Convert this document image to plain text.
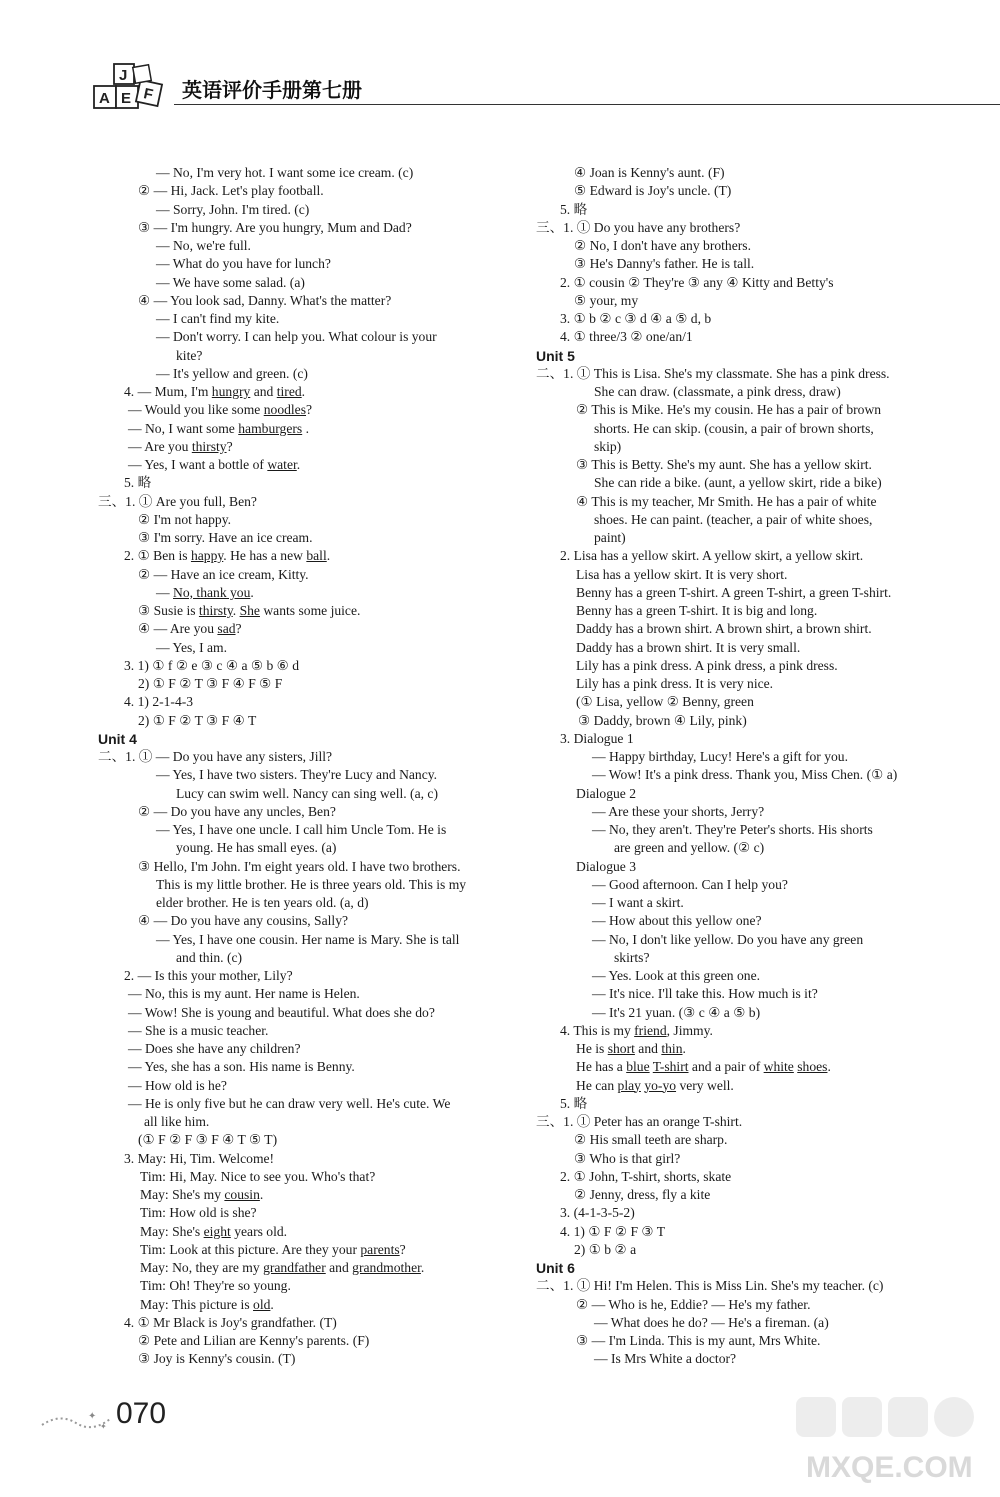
J
A E F 英语评价手册第七册
— No, I'm very hot. I want some ice cream. (c)
② — Hi, Jack. Let's play football.
— Sorry, John. I'm tired. (c)
③ — I'm hungry. Are you hungry, Mum and Dad?
— No, we're full.
— What do you have for lunch?
— We have some salad. (a)
④ — You look sad, Danny. What's the matter?
— I can't find my kite.
— Don't worry. I can help you. What colour is your
kite?
— It's yellow and green. (c)
4. — Mum, I'm hungry and tired.
— Would you like some noodles?
— No, I want some hamburgers .
— Are you thirsty?
— Yes, I want a bottle of water.
5. 略
三、1. ① Are you full, Ben?
② I'm not happy.
③ I'm sorry. Have an ice cream.
2. ① Ben is happy. He has a new ball.
② — Have an ice cream, Kitty.
— No, thank you.
③ Susie is thirsty. She wants some juice.
④ — Are you sad?
— Yes, I am.
3. 1) ① f ② e ③ c ④ a ⑤ b ⑥ d
2) ① F ② T ③ F ④ F ⑤ F
4. 1) 2-1-4-3
2) ① F ② T ③ F ④ T
Unit 4
二、1. ① — Do you have any sisters, Jill?
— Yes, I have two sisters. They're Lucy and Nancy.
Lucy can swim well. Nancy can sing well. (a, c)
② — Do you have any uncles, Ben?
— Yes, I have one uncle. I call him Uncle Tom. He is
young. He has small eyes. (a)
③ Hello, I'm John. I'm eight years old. I have two brothers.
This is my little brother. He is three years old. This is my
elder brother. He is ten years old. (a, d)
④ — Do you have any cousins, Sally?
— Yes, I have one cousin. Her name is Mary. She is tall
and thin. (c)
2. — Is this your mother, Lily?
— No, this is my aunt. Her name is Helen.
— Wow! She is young and beautiful. What does she do?
— She is a music teacher.
— Does she have any children?
— Yes, she has a son. His name is Benny.
— How old is he?
— He is only five but he can draw very well. He's cute. We
all like him.
(① F ② F ③ F ④ T ⑤ T)
3. May: Hi, Tim. Welcome!
Tim: Hi, May. Nice to see you. Who's that?
May: She's my cousin.
Tim: How old is she?
May: She's eight years old.
Tim: Look at this picture. Are they your parents?
May: No, they are my grandfather and grandmother.
Tim: Oh! They're so young.
May: This picture is old.
4. ① Mr Black is Joy's grandfather. (T)
② Pete and Lilian are Kenny's parents. (F)
③ Joy is Kenny's cousin. (T)
④ Joan is Kenny's aunt. (F)
⑤ Edward is Joy's uncle. (T)
5. 略
三、1. ① Do you have any brothers?
② No, I don't have any brothers.
③ He's Danny's father. He is tall.
2. ① cousin ② They're ③ any ④ Kitty and Betty's
⑤ your, my
3. ① b ② c ③ d ④ a ⑤ d, b
4. ① three/3 ② one/an/1
Unit 5
二、1. ① This is Lisa. She's my classmate. She has a pink dress.
She can draw. (classmate, a pink dress, draw)
② This is Mike. He's my cousin. He has a pair of brown
shorts. He can skip. (cousin, a pair of brown shorts,
skip)
③ This is Betty. She's my aunt. She has a yellow skirt.
She can ride a bike. (aunt, a yellow skirt, ride a bike)
④ This is my teacher, Mr Smith. He has a pair of white
shoes. He can paint. (teacher, a pair of white shoes,
paint)
2. Lisa has a yellow skirt. A yellow skirt, a yellow skirt.
Lisa has a yellow skirt. It is very short.
Benny has a green T-shirt. A green T-shirt, a green T-shirt.
Benny has a green T-shirt. It is big and long.
Daddy has a brown shirt. A brown shirt, a brown shirt.
Daddy has a brown shirt. It is very small.
Lily has a pink dress. A pink dress, a pink dress.
Lily has a pink dress. It is very nice.
(① Lisa, yellow ② Benny, green
③ Daddy, brown ④ Lily, pink)
3. Dialogue 1
— Happy birthday, Lucy! Here's a gift for you.
— Wow! It's a pink dress. Thank you, Miss Chen. (① a)
Dialogue 2
— Are these your shorts, Jerry?
— No, they aren't. They're Peter's shorts. His shorts
are green and yellow. (② c)
Dialogue 3
— Good afternoon. Can I help you?
— I want a skirt.
— How about this yellow one?
— No, I don't like yellow. Do you have any green
skirts?
— Yes. Look at this green one.
— It's nice. I'll take this. How much is it?
— It's 21 yuan. (③ c ④ a ⑤ b)
4. This is my friend, Jimmy.
He is short and thin.
He has a blue T-shirt and a pair of white shoes.
He can play yo-yo very well.
5. 略
三、1. ① Peter has an orange T-shirt.
② His small teeth are sharp.
③ Who is that girl?
2. ① John, T-shirt, shorts, skate
② Jenny, dress, fly a kite
3. (4-1-3-5-2)
4. 1) ① F ② F ③ T
2) ① b ② a
Unit 6
二、1. ① Hi! I'm Helen. This is Miss Lin. She's my teacher. (c)
② — Who is he, Eddie? — He's my father.
— What does he do? — He's a fireman. (a)
③ — I'm Linda. This is my aunt, Mrs White.
— Is Mrs White a doctor?
✦
✦ 070
MXQE.COM
